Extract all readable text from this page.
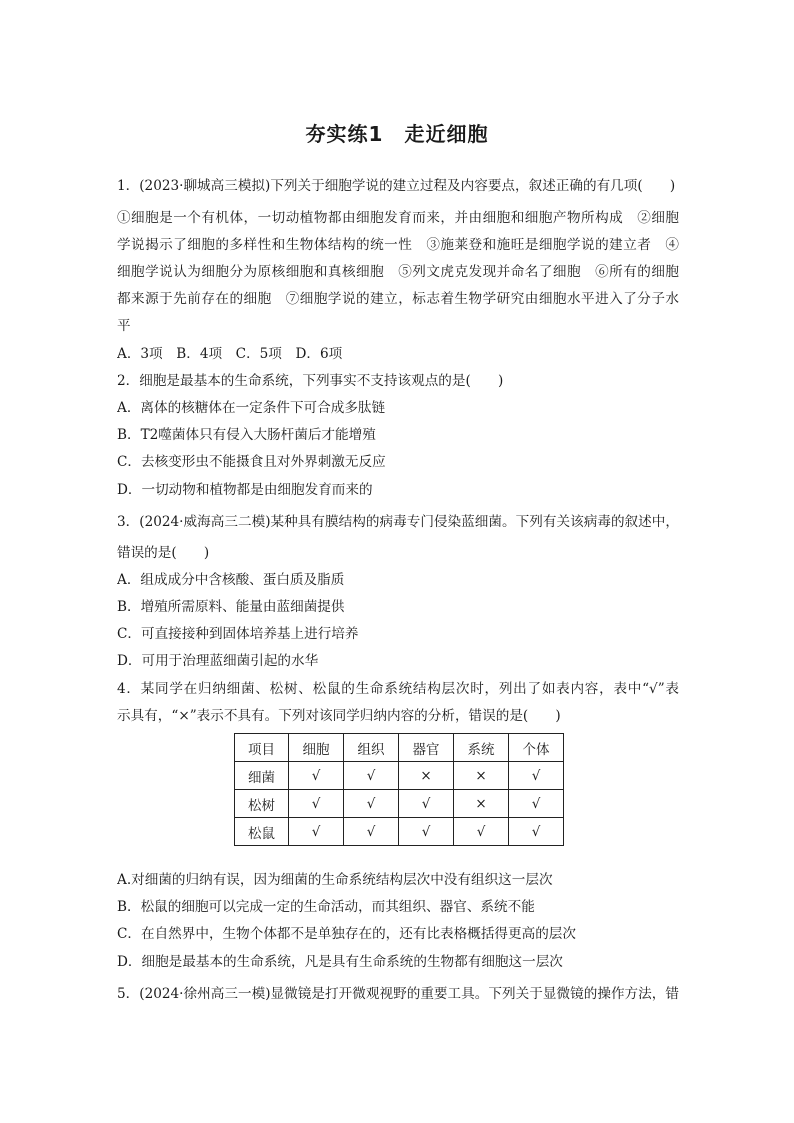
夯实练1　走近细胞
1．(2023·聊城高三模拟)下列关于细胞学说的建立过程及内容要点，叙述正确的有几项(　　)
①细胞是一个有机体，一切动植物都由细胞发育而来，并由细胞和细胞产物所构成　②细胞
学说揭示了细胞的多样性和生物体结构的统一性　③施莱登和施旺是细胞学说的建立者　④
细胞学说认为细胞分为原核细胞和真核细胞　⑤列文虎克发现并命名了细胞　⑥所有的细胞
都来源于先前存在的细胞　⑦细胞学说的建立，标志着生物学研究由细胞水平进入了分子水
平
A．3项　B．4项　C．5项　D．6项
2．细胞是最基本的生命系统，下列事实不支持该观点的是(　　)
A．离体的核糖体在一定条件下可合成多肽链
B．T2噬菌体只有侵入大肠杆菌后才能增殖
C．去核变形虫不能摄食且对外界刺激无反应
D．一切动物和植物都是由细胞发育而来的
3．(2024·威海高三二模)某种具有膜结构的病毒专门侵染蓝细菌。下列有关该病毒的叙述中，
错误的是(　　)
A．组成成分中含核酸、蛋白质及脂质
B．增殖所需原料、能量由蓝细菌提供
C．可直接接种到固体培养基上进行培养
D．可用于治理蓝细菌引起的水华
4．某同学在归纳细菌、松树、松鼠的生命系统结构层次时，列出了如表内容，表中“√”表
示具有，“×”表示不具有。下列对该同学归纳内容的分析，错误的是(　　)
项目	细胞	组织	器官	系统	个体
细菌	√	√	×	×	√
松树	√	√	√	×	√
松鼠	√	√	√	√	√
A.对细菌的归纳有误，因为细菌的生命系统结构层次中没有组织这一层次
B．松鼠的细胞可以完成一定的生命活动，而其组织、器官、系统不能
C．在自然界中，生物个体都不是单独存在的，还有比表格概括得更高的层次
D．细胞是最基本的生命系统，凡是具有生命系统的生物都有细胞这一层次
5．(2024·徐州高三一模)显微镜是打开微观视野的重要工具。下列关于显微镜的操作方法，错
